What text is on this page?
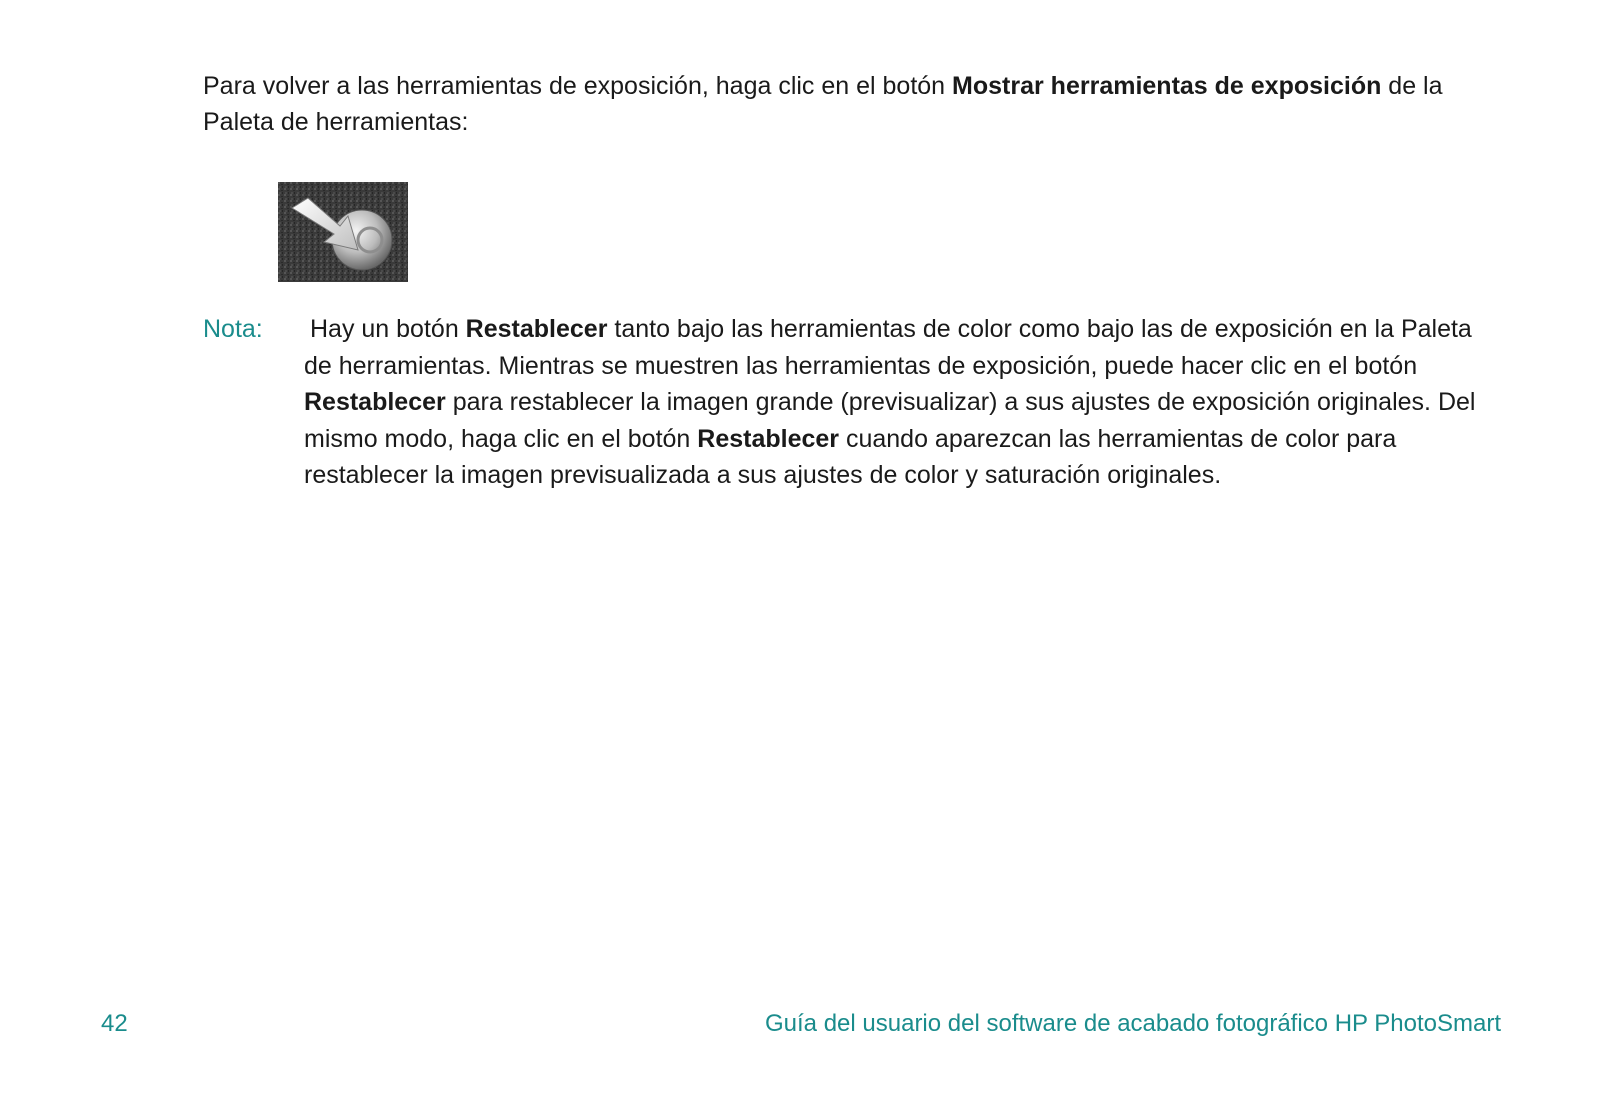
Para volver a las herramientas de exposición, haga clic en el botón Mostrar herramientas de exposición de la Paleta de herramientas:

Nota: Hay un botón Restablecer tanto bajo las herramientas de color como bajo las de exposición en la Paleta de herramientas. Mientras se muestren las herramientas de exposición, puede hacer clic en el botón Restablecer para restablecer la imagen grande (previsualizar) a sus ajustes de exposición originales. Del mismo modo, haga clic en el botón Restablecer cuando aparezcan las herramientas de color para restablecer la imagen previsualizada a sus ajustes de color y saturación originales.

42	Guía del usuario del software de acabado fotográfico HP PhotoSmart
